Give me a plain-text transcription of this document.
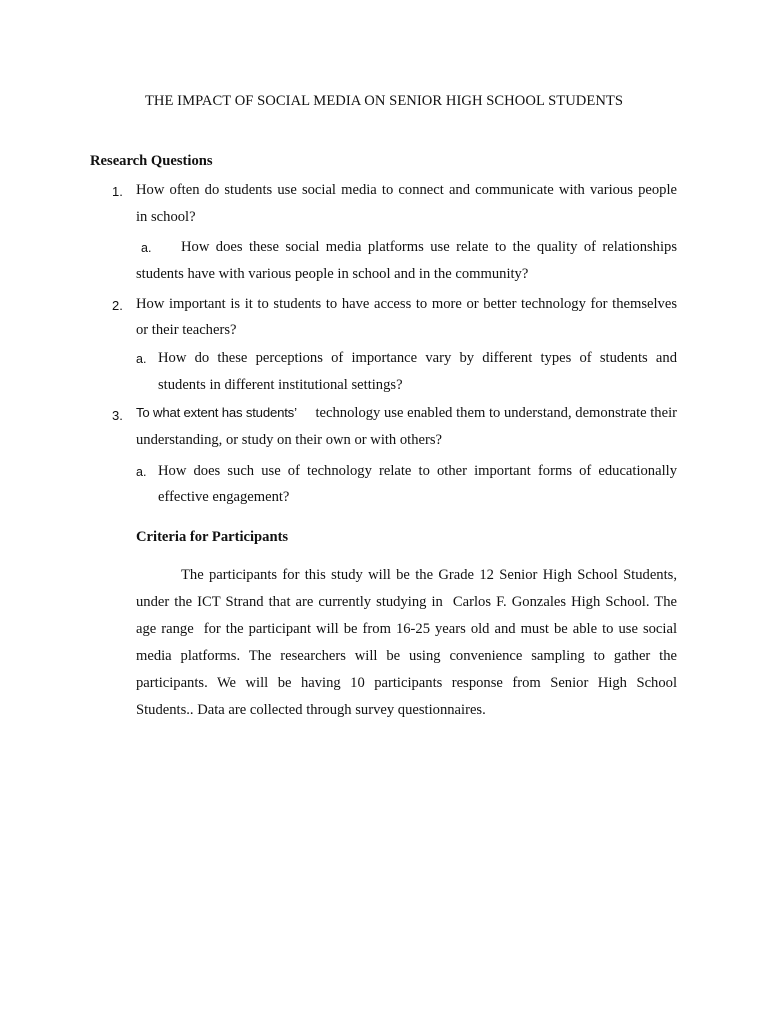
THE IMPACT OF SOCIAL MEDIA ON SENIOR HIGH SCHOOL STUDENTS
Research Questions
1. How often do students use social media to connect and communicate with various people
in school?
a. How does these social media platforms use relate to the quality of relationships
students have with various people in school and in the community?
2. How important is it to students to have access to more or better technology for themselves
or their teachers?
a. How do these perceptions of importance vary by different types of students and
students in different institutional settings?
3. To what extent has students’ technology use enabled them to understand, demonstrate their
understanding, or study on their own or with others?
a. How does such use of technology relate to other important forms of educationally
effective engagement?
Criteria for Participants
The participants for this study will be the Grade 12 Senior High School Students,
under the ICT Strand that are currently studying in  Carlos F. Gonzales High School. The
age range  for the participant will be from 16-25 years old and must be able to use social
media platforms. The researchers will be using convenience sampling to gather the
participants. We will be having 10 participants response from Senior High School
Students.. Data are collected through survey questionnaires.
